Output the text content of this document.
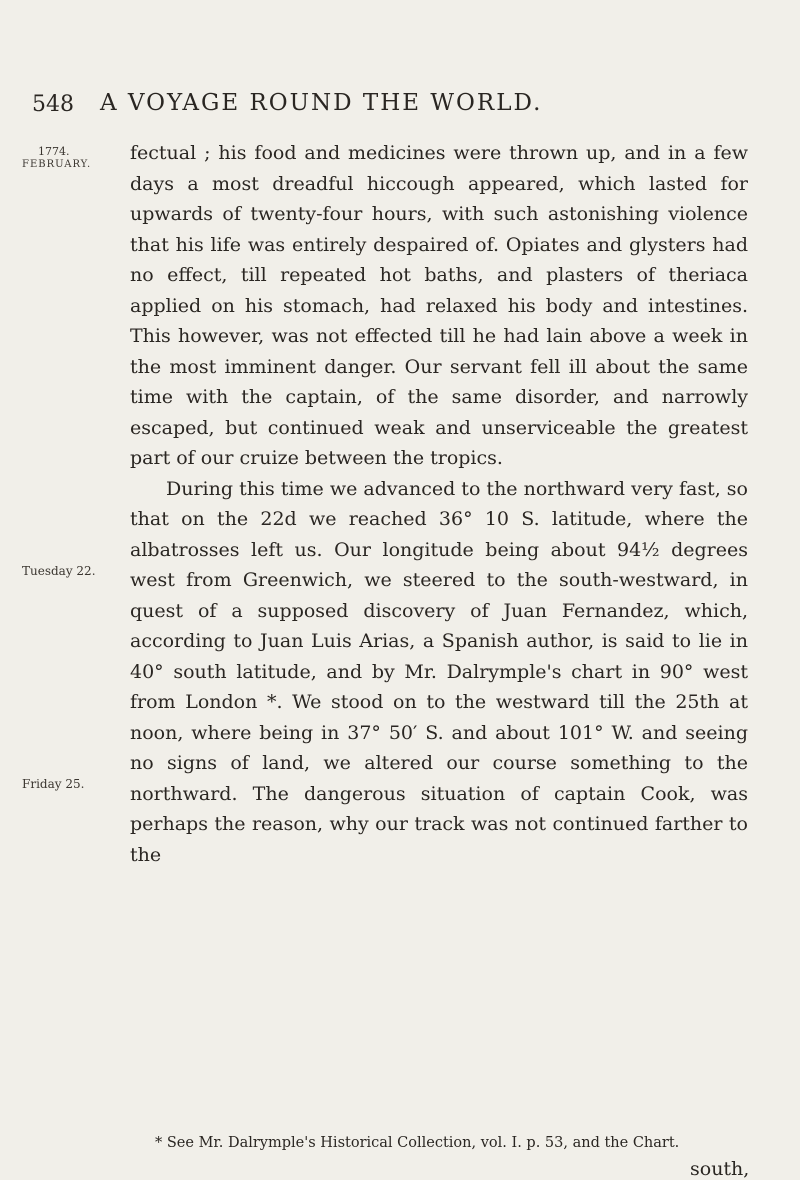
548 A VOYAGE ROUND THE WORLD.
1774.
FEBRUARY.
Tuesday 22.
Friday 25.

fectual ; his food and medicines were thrown up, and in a few days a most dreadful hiccough appeared, which lasted for upwards of twenty-four hours, with such astonishing violence that his life was entirely despaired of. Opiates and glysters had no effect, till repeated hot baths, and plasters of theriaca applied on his stomach, had relaxed his body and intestines. This however, was not effected till he had lain above a week in the most imminent danger. Our servant fell ill about the same time with the captain, of the same disorder, and narrowly escaped, but continued weak and unserviceable the greatest part of our cruize between the tropics.

During this time we advanced to the northward very fast, so that on the 22d we reached 36° 10 S. latitude, where the albatrosses left us. Our longitude being about 94½ degrees west from Greenwich, we steered to the south-westward, in quest of a supposed discovery of Juan Fernandez, which, according to Juan Luis Arias, a Spanish author, is said to lie in 40° south latitude, and by Mr. Dalrymple's chart in 90° west from London *. We stood on to the westward till the 25th at noon, where being in 37° 50′ S. and about 101° W. and seeing no signs of land, we altered our course something to the northward. The dangerous situation of captain Cook, was perhaps the reason, why our track was not continued farther to the

* See Mr. Dalrymple's Historical Collection, vol. I. p. 53, and the Chart.
south,
